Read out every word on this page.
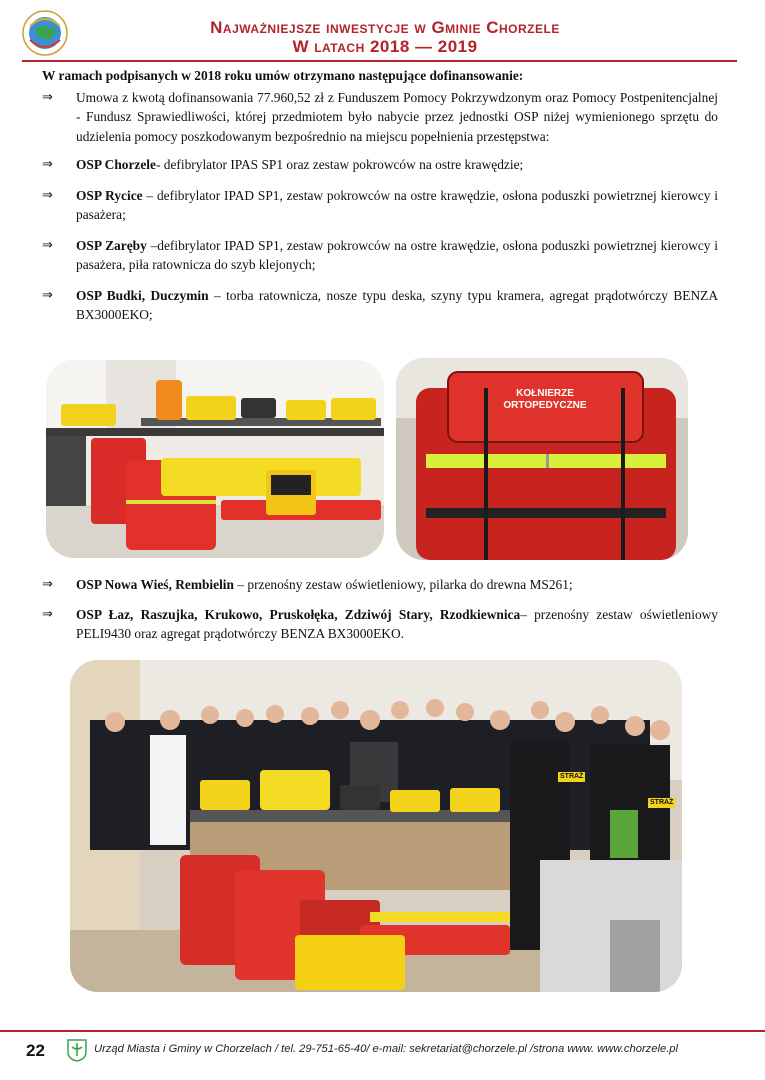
Najważniejsze inwestycje w Gminie Chorzele
W latach 2018 — 2019

W ramach podpisanych w 2018 roku umów otrzymano następujące dofinansowanie:

⇒ Umowa z kwotą dofinansowania 77.960,52 zł z Funduszem Pomocy Pokrzywdzonym oraz Pomocy Postpenitencjalnej - Fundusz Sprawiedliwości, której przedmiotem było nabycie przez jednostki OSP niżej wymienionego sprzętu do udzielenia pomocy poszkodowanym bezpośrednio na miejscu popełnienia przestępstwa:

⇒ OSP Chorzele- defibrylator IPAS SP1 oraz zestaw pokrowców na ostre krawędzie;

⇒ OSP Rycice – defibrylator IPAD SP1, zestaw pokrowców na ostre krawędzie, osłona poduszki powietrznej kierowcy i pasażera;

⇒ OSP Zaręby –defibrylator IPAD SP1, zestaw pokrowców na ostre krawędzie, osłona poduszki powietrznej kierowcy i pasażera, piła ratownicza do szyb klejonych;

⇒ OSP Budki, Duczymin – torba ratownicza, nosze typu deska, szyny typu kramera, agregat prądotwórczy BENZA BX3000EKO;

KOŁNIERZE
ORTOPEDYCZNE

⇒ OSP Nowa Wieś, Rembielin – przenośny zestaw oświetleniowy, pilarka do drewna MS261;

⇒ OSP Łaz, Raszujka, Krukowo, Pruskołęka, Zdziwój Stary, Rzodkiewnica– przenośny zestaw oświetleniowy PELI9430 oraz agregat prądotwórczy BENZA BX3000EKO.

STRAŻ
STRAŻ
22	Urząd Miasta i Gminy w Chorzelach / tel. 29-751-65-40/ e-mail: sekretariat@chorzele.pl /strona www. www.chorzele.pl
